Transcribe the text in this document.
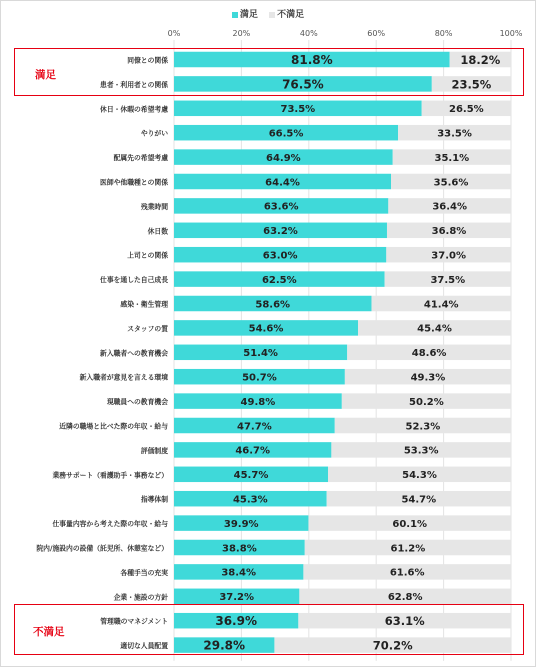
満足 不満足
0%	20%	40%	60%	80%	100%
同僚との関係	81.8%	18.2%
患者・利用者との関係	76.5%	23.5%
休日・休暇の希望考慮	73.5%	26.5%
やりがい	66.5%	33.5%
配属先の希望考慮	64.9%	35.1%
医師や他職種との関係	64.4%	35.6%
残業時間	63.6%	36.4%
休日数	63.2%	36.8%
上司との関係	63.0%	37.0%
仕事を通した自己成長	62.5%	37.5%
感染・衛生管理	58.6%	41.4%
スタッフの質	54.6%	45.4%
新入職者への教育機会	51.4%	48.6%
新入職者が意見を言える環境	50.7%	49.3%
現職員への教育機会	49.8%	50.2%
近隣の職場と比べた際の年収・給与	47.7%	52.3%
評価制度	46.7%	53.3%
業務サポート（看護助手・事務など）	45.7%	54.3%
指導体制	45.3%	54.7%
仕事量内容から考えた際の年収・給与	39.9%	60.1%
院内/施設内の設備（託児所、休憩室など）	38.8%	61.2%
各種手当の充実	38.4%	61.6%
企業・施設の方針	37.2%	62.8%
管理職のマネジメント	36.9%	63.1%
適切な人員配置	29.8%	70.2%
満足
不満足
